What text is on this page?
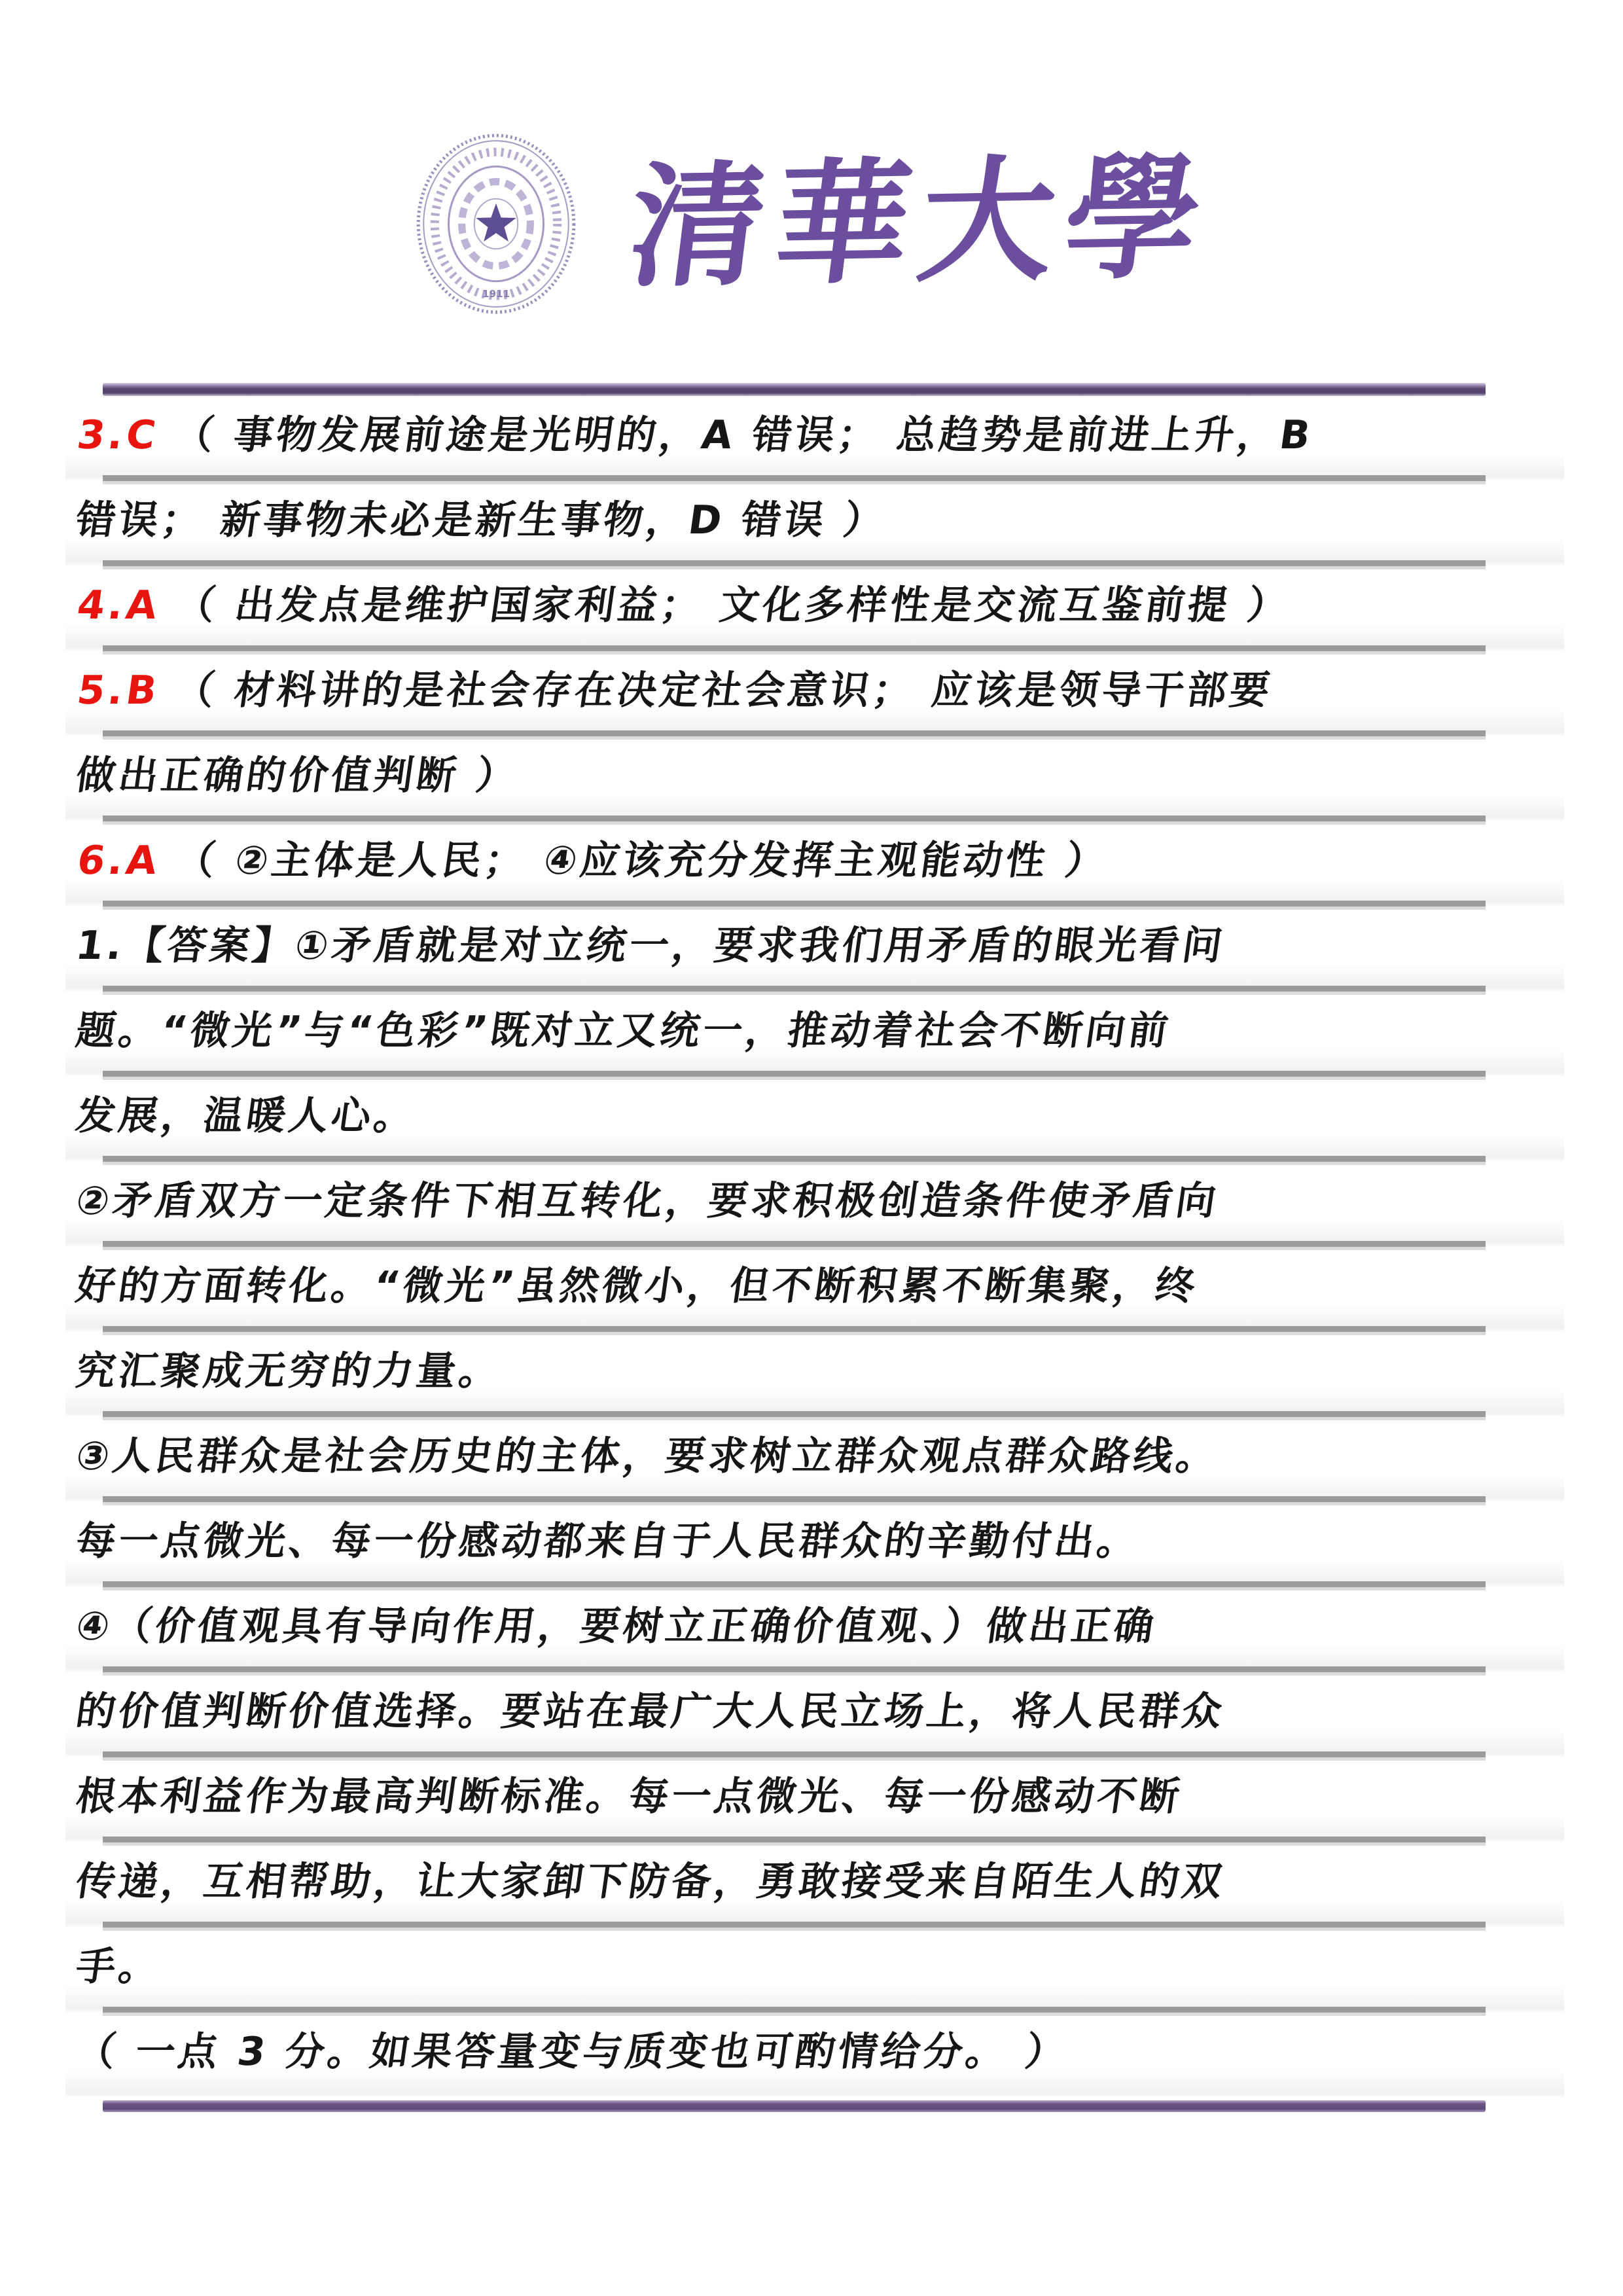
1911 清華大學
3.C （ 事物发展前途是光明的，A 错误； 总趋势是前进上升，B
错误； 新事物未必是新生事物，D 错误 ）
4.A （ 出发点是维护国家利益； 文化多样性是交流互鉴前提 ）
5.B （ 材料讲的是社会存在决定社会意识； 应该是领导干部要
做出正确的价值判断 ）
6.A （ ②主体是人民； ④应该充分发挥主观能动性 ）
1.【答案】①矛盾就是对立统一，要求我们用矛盾的眼光看问
题。“微光”与“色彩”既对立又统一，推动着社会不断向前
发展，温暖人心。
②矛盾双方一定条件下相互转化，要求积极创造条件使矛盾向
好的方面转化。“微光”虽然微小，但不断积累不断集聚，终
究汇聚成无穷的力量。
③人民群众是社会历史的主体，要求树立群众观点群众路线。
每一点微光、每一份感动都来自于人民群众的辛勤付出。
④（价值观具有导向作用，要树立正确价值观、）做出正确
的价值判断价值选择。要站在最广大人民立场上，将人民群众
根本利益作为最高判断标准。每一点微光、每一份感动不断
传递，互相帮助，让大家卸下防备，勇敢接受来自陌生人的双
手。
（ 一点 3 分。如果答量变与质变也可酌情给分。 ）
